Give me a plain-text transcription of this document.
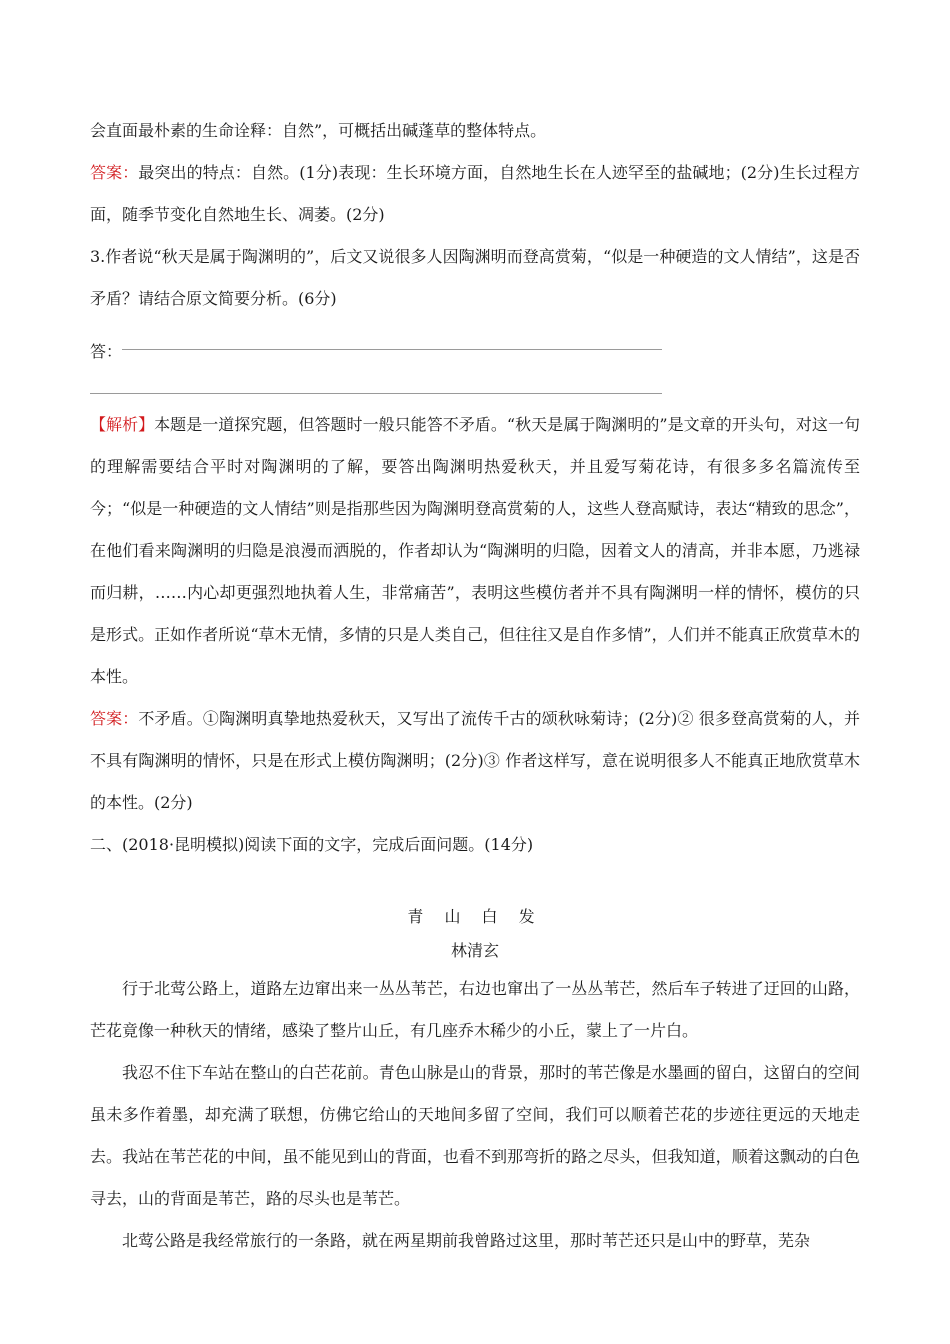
会直面最朴素的生命诠释：自然”，可概括出碱蓬草的整体特点。

答案：最突出的特点：自然。(1分)表现：生长环境方面，自然地生长在人迹罕至的盐碱地；(2分)生长过程方面，随季节变化自然地生长、凋萎。(2分)

3.作者说“秋天是属于陶渊明的”，后文又说很多人因陶渊明而登高赏菊，“似是一种硬造的文人情结”，这是否矛盾？请结合原文简要分析。(6分)

答：

【解析】本题是一道探究题，但答题时一般只能答不矛盾。“秋天是属于陶渊明的”是文章的开头句，对这一句的理解需要结合平时对陶渊明的了解，要答出陶渊明热爱秋天，并且爱写菊花诗，有很多多名篇流传至今；“似是一种硬造的文人情结”则是指那些因为陶渊明登高赏菊的人，这些人登高赋诗，表达“精致的思念”，在他们看来陶渊明的归隐是浪漫而洒脱的，作者却认为“陶渊明的归隐，因着文人的清高，并非本愿，乃逃禄而归耕，……内心却更强烈地执着人生，非常痛苦”，表明这些模仿者并不具有陶渊明一样的情怀，模仿的只是形式。正如作者所说“草木无情，多情的只是人类自己，但往往又是自作多情”，人们并不能真正欣赏草木的本性。

答案：不矛盾。①陶渊明真挚地热爱秋天，又写出了流传千古的颂秋咏菊诗；(2分)② 很多登高赏菊的人，并不具有陶渊明的情怀，只是在形式上模仿陶渊明；(2分)③ 作者这样写，意在说明很多人不能真正地欣赏草木的本性。(2分)

二、(2018·昆明模拟)阅读下面的文字，完成后面问题。(14分)

青 山 白 发

林清玄

行于北莺公路上，道路左边窜出来一丛丛苇芒，右边也窜出了一丛丛苇芒，然后车子转进了迂回的山路，芒花竟像一种秋天的情绪，感染了整片山丘，有几座乔木稀少的小丘，蒙上了一片白。

我忍不住下车站在整山的白芒花前。青色山脉是山的背景，那时的苇芒像是水墨画的留白，这留白的空间虽未多作着墨，却充满了联想，仿佛它给山的天地间多留了空间，我们可以顺着芒花的步迹往更远的天地走去。我站在苇芒花的中间，虽不能见到山的背面，也看不到那弯折的路之尽头，但我知道，顺着这飘动的白色寻去，山的背面是苇芒，路的尽头也是苇芒。

北莺公路是我经常旅行的一条路，就在两星期前我曾路过这里，那时苇芒还只是山中的野草，芜杂
